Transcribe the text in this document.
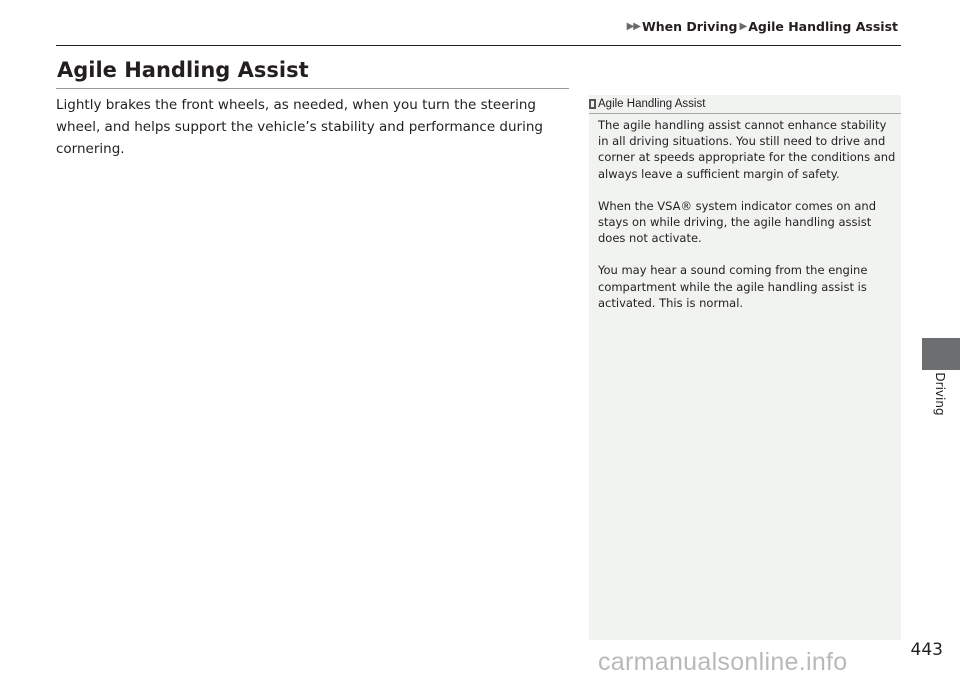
▶ ▶ When Driving ▶ Agile Handling Assist
Agile Handling Assist

Lightly brakes the front wheels, as needed, when you turn the steering wheel, and helps support the vehicle’s stability and performance during cornering.

Agile Handling Assist

The agile handling assist cannot enhance stability in all driving situations. You still need to drive and corner at speeds appropriate for the conditions and always leave a sufficient margin of safety.

When the VSA® system indicator comes on and stays on while driving, the agile handling assist does not activate.

You may hear a sound coming from the engine compartment while the agile handling assist is activated. This is normal.

Driving
443
carmanualsonline.info
